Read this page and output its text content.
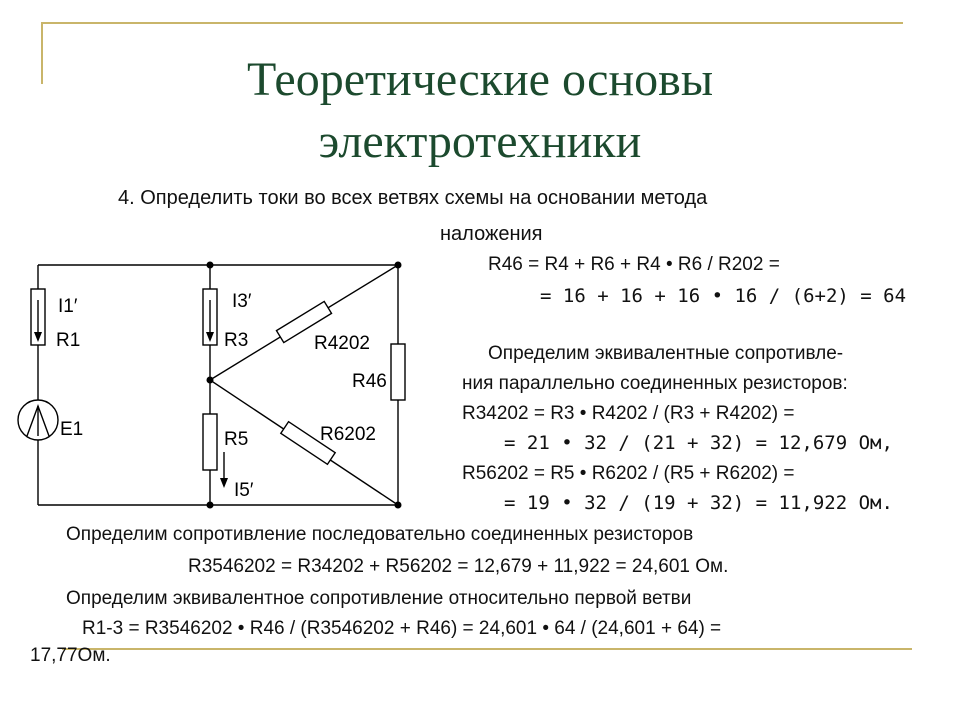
Теоретические основы
электротехники
4. Определить токи во всех ветвях схемы на основании метода
наложения
I1′
R1
E1
I3′
R3
R5
I5′
R4202
R6202
R46
R46 = R4 + R6 + R4 • R6 / R202 =
= 16 + 16 + 16 • 16 / (6+2) = 64
Определим эквивалентные сопротивле-
ния параллельно соединенных резисторов:
R34202 = R3 • R4202 / (R3 + R4202) =
= 21 • 32 / (21 + 32) = 12,679 Ом,
R56202 = R5 • R6202 / (R5 + R6202) =
= 19 • 32 / (19 + 32) = 11,922 Ом.
Определим сопротивление последовательно соединенных резисторов
R3546202 = R34202 + R56202 = 12,679 + 11,922 = 24,601 Ом.
Определим эквивалентное сопротивление относительно первой ветви
R1-3 = R3546202 • R46 / (R3546202 + R46) = 24,601 • 64 / (24,601 + 64) =
17,77Ом.
